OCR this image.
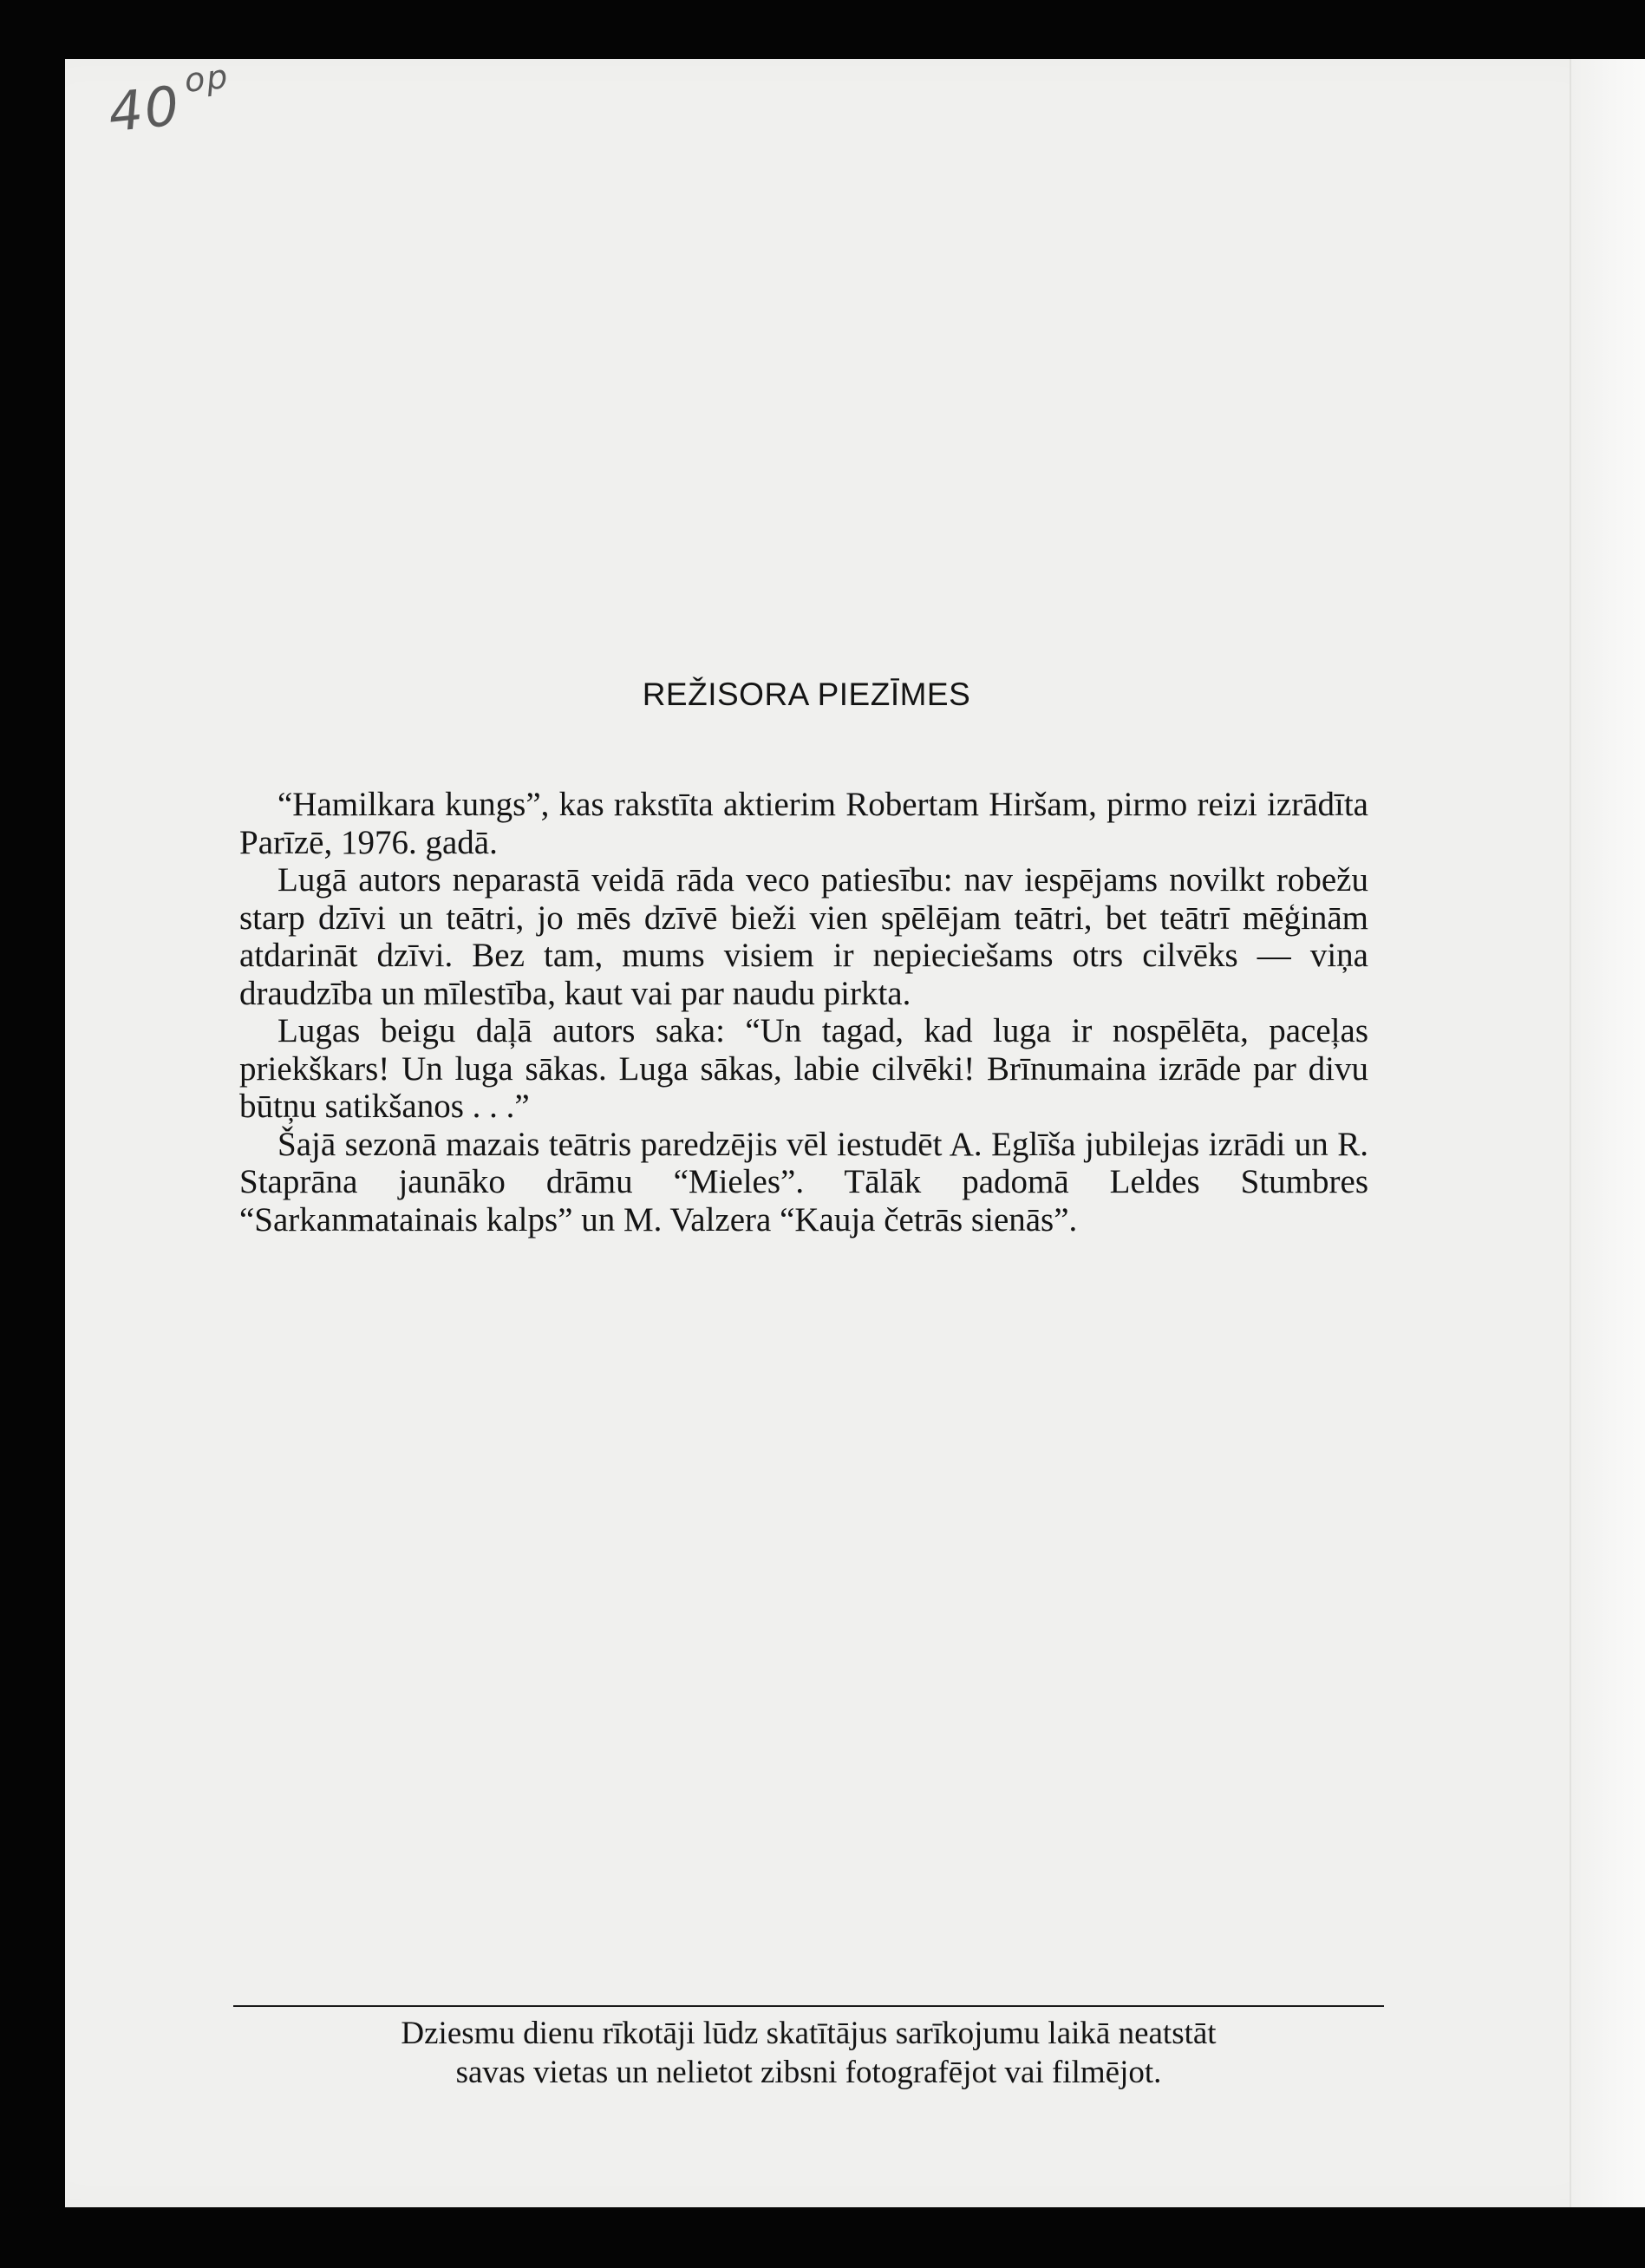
40op
REŽISORA PIEZĪMES

“Hamilkara kungs”, kas rakstīta aktierim Robertam Hiršam, pirmo reizi izrādīta Parīzē, 1976. gadā.

Lugā autors neparastā veidā rāda veco patiesību: nav iespējams novilkt robežu starp dzīvi un teātri, jo mēs dzīvē bieži vien spēlējam teātri, bet teātrī mēģinām atdarināt dzīvi. Bez tam, mums visiem ir nepieciešams otrs cilvēks — viņa draudzība un mīlestība, kaut vai par naudu pirkta.

Lugas beigu daļā autors saka: “Un tagad, kad luga ir nospēlēta, paceļas priekškars! Un luga sākas. Luga sākas, labie cilvēki! Brīnumaina izrāde par divu būtņu satikšanos . . .”

Šajā sezonā mazais teātris paredzējis vēl iestudēt A. Eglīša jubilejas izrādi un R. Staprāna jaunāko drāmu “Mieles”. Tālāk padomā Leldes Stumbres “Sarkanmatainais kalps” un M. Valzera “Kauja četrās sienās”.

Dziesmu dienu rīkotāji lūdz skatītājus sarīkojumu laikā neatstāt
savas vietas un nelietot zibsni fotografējot vai filmējot.
